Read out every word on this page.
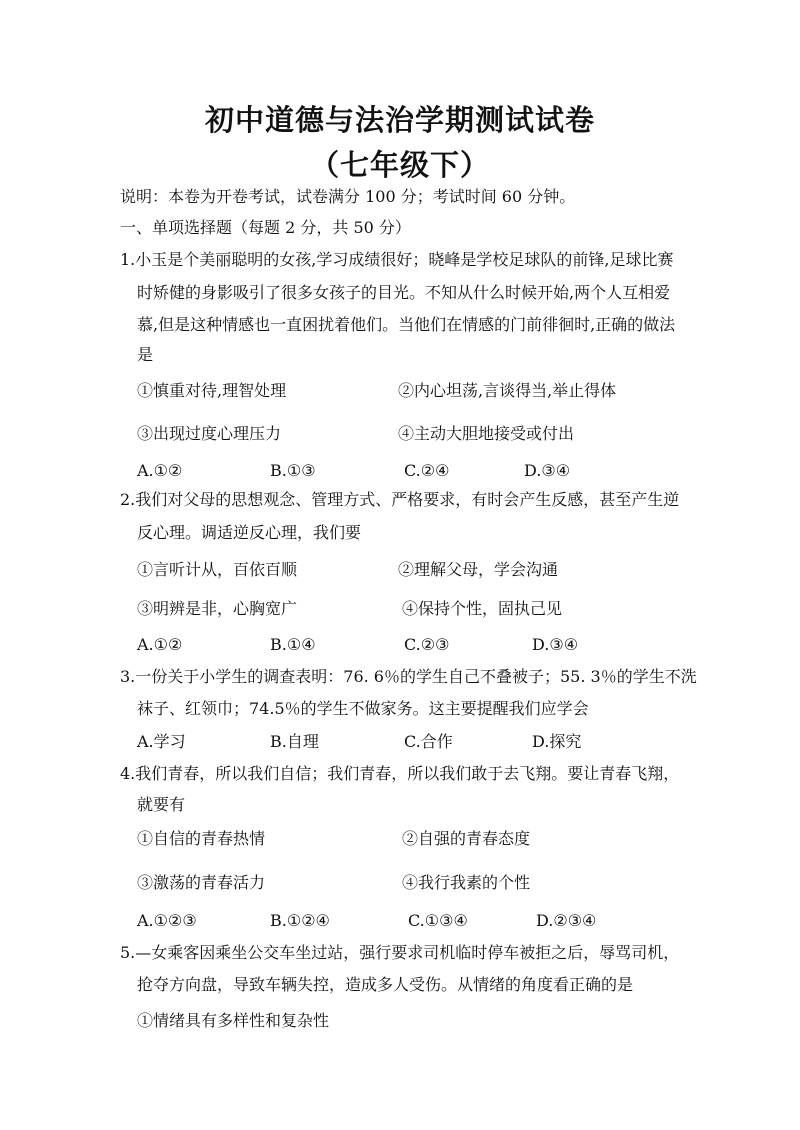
初中道德与法治学期测试试卷
（七年级下）
说明：本卷为开卷考试，试卷满分 100 分；考试时间 60 分钟。
一、单项选择题（每题 2 分，共 50 分）
1.小玉是个美丽聪明的女孩,学习成绩很好；晓峰是学校足球队的前锋,足球比赛
时矫健的身影吸引了很多女孩子的目光。不知从什么时候开始,两个人互相爱
慕,但是这种情感也一直困扰着他们。当他们在情感的门前徘徊时,正确的做法
是
①慎重对待,理智处理	②内心坦荡,言谈得当,举止得体
③出现过度心理压力	④主动大胆地接受或付出
A.①②	B.①③	C.②④	D.③④
2.我们对父母的思想观念、管理方式、严格要求，有时会产生反感，甚至产生逆
反心理。调适逆反心理，我们要
①言听计从，百依百顺	②理解父母，学会沟通
③明辨是非，心胸宽广	④保持个性，固执己见
A.①②	B.①④	C.②③	D.③④
3.一份关于小学生的调查表明：76. 6％的学生自己不叠被子；55. 3％的学生不洗
袜子、红领巾；74.5％的学生不做家务。这主要提醒我们应学会
A.学习	B.自理	C.合作	D.探究
4.我们青春，所以我们自信；我们青春，所以我们敢于去飞翔。要让青春飞翔，
就要有
①自信的青春热情	②自强的青春态度
③激荡的青春活力	④我行我素的个性
A.①②③	B.①②④	C.①③④	D.②③④
5.—女乘客因乘坐公交车坐过站，强行要求司机临时停车被拒之后，辱骂司机，
抢夺方向盘，导致车辆失控，造成多人受伤。从情绪的角度看正确的是
①情绪具有多样性和复杂性
